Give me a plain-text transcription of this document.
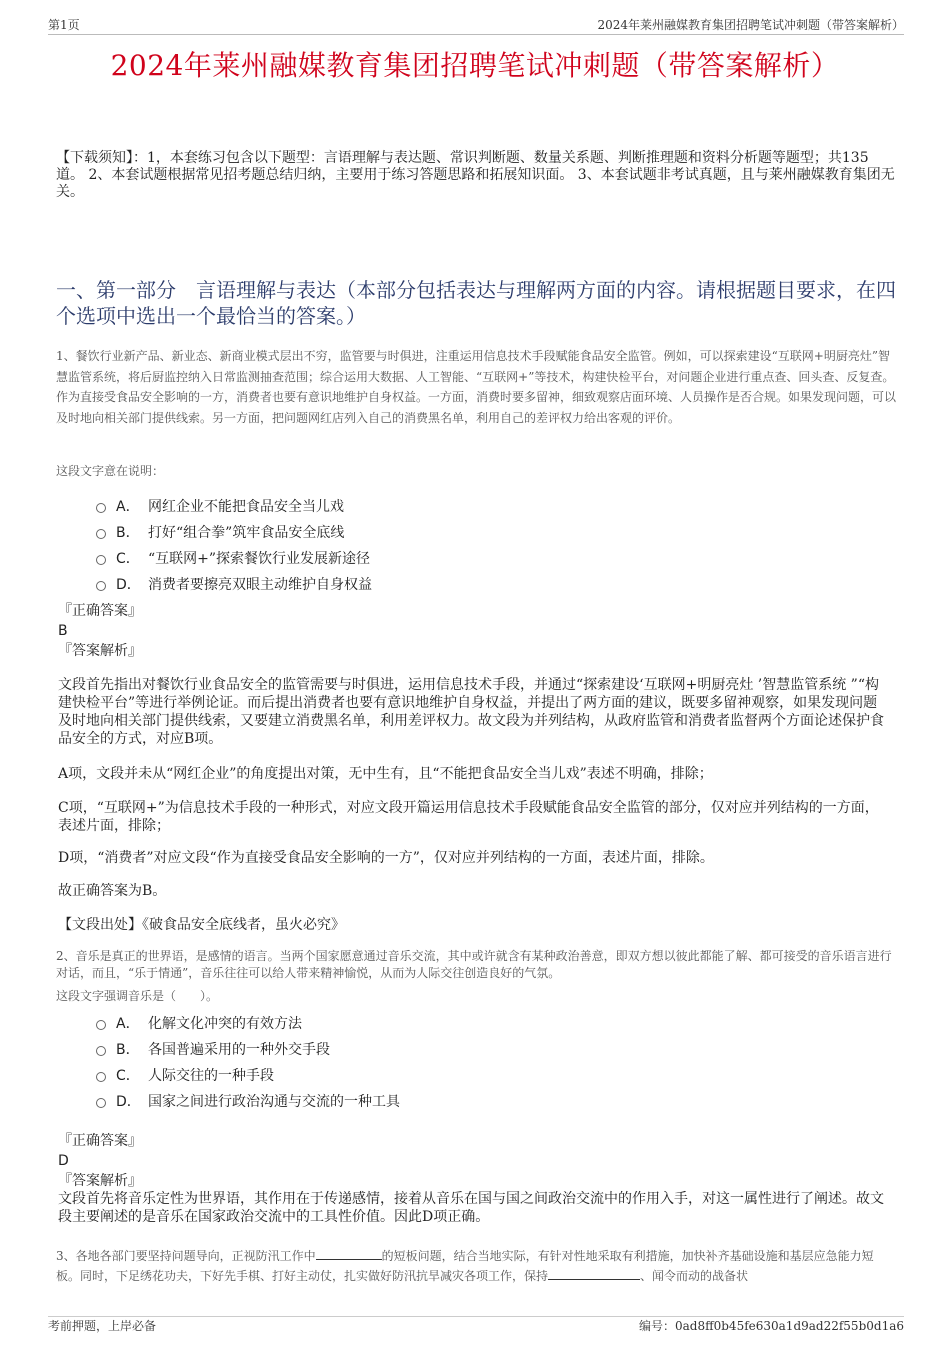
第1页	2024年莱州融媒教育集团招聘笔试冲刺题（带答案解析）
2024年莱州融媒教育集团招聘笔试冲刺题（带答案解析）
【下载须知】：1，本套练习包含以下题型：言语理解与表达题、常识判断题、数量关系题、判断推理题和资料分析题等题型；共135道。 2、本套试题根据常见招考题总结归纳，主要用于练习答题思路和拓展知识面。 3、本套试题非考试真题，且与莱州融媒教育集团无关。
一、第一部分　言语理解与表达（本部分包括表达与理解两方面的内容。请根据题目要求，在四个选项中选出一个最恰当的答案。）
1、餐饮行业新产品、新业态、新商业模式层出不穷，监管要与时俱进，注重运用信息技术手段赋能食品安全监管。例如，可以探索建设“互联网+明厨亮灶”智慧监管系统，将后厨监控纳入日常监测抽查范围；综合运用大数据、人工智能、“互联网+”等技术，构建快检平台，对问题企业进行重点查、回头查、反复查。作为直接受食品安全影响的一方，消费者也要有意识地维护自身权益。一方面，消费时要多留神，细致观察店面环境、人员操作是否合规。如果发现问题，可以及时地向相关部门提供线索。另一方面，把问题网红店列入自己的消费黑名单，利用自己的差评权力给出客观的评价。
这段文字意在说明：
A． 网红企业不能把食品安全当儿戏
B． 打好“组合拳”筑牢食品安全底线
C． “互联网+”探索餐饮行业发展新途径
D． 消费者要擦亮双眼主动维护自身权益
『正确答案』
B
『答案解析』
文段首先指出对餐饮行业食品安全的监管需要与时俱进，运用信息技术手段，并通过“探索建设‘互联网+明厨亮灶 ’智慧监管系统 ”“构建快检平台”等进行举例论证。而后提出消费者也要有意识地维护自身权益，并提出了两方面的建议，既要多留神观察，如果发现问题及时地向相关部门提供线索，又要建立消费黑名单，利用差评权力。故文段为并列结构，从政府监管和消费者监督两个方面论述保护食品安全的方式，对应B项。
A项，文段并未从“网红企业”的角度提出对策，无中生有，且“不能把食品安全当儿戏”表述不明确，排除；
C项，“互联网+”为信息技术手段的一种形式，对应文段开篇运用信息技术手段赋能食品安全监管的部分，仅对应并列结构的一方面，表述片面，排除；
D项，“消费者”对应文段“作为直接受食品安全影响的一方”，仅对应并列结构的一方面，表述片面，排除。
故正确答案为B。
【文段出处】《破食品安全底线者，虽火必究》
2、音乐是真正的世界语，是感情的语言。当两个国家愿意通过音乐交流，其中或许就含有某种政治善意，即双方想以彼此都能了解、都可接受的音乐语言进行对话，而且，“乐于情通”，音乐往往可以给人带来精神愉悦，从而为人际交往创造良好的气氛。
这段文字强调音乐是（　　）。
A． 化解文化冲突的有效方法
B． 各国普遍采用的一种外交手段
C． 人际交往的一种手段
D． 国家之间进行政治沟通与交流的一种工具
『正确答案』
D
『答案解析』
文段首先将音乐定性为世界语，其作用在于传递感情，接着从音乐在国与国之间政治交流中的作用入手，对这一属性进行了阐述。故文段主要阐述的是音乐在国家政治交流中的工具性价值。因此D项正确。
3、各地各部门要坚持问题导向，正视防汛工作中	的短板问题，结合当地实际，有针对性地采取有利措施，加快补齐基础设施和基层应急能力短板。同时，下足绣花功夫，下好先手棋、打好主动仗，扎实做好防汛抗旱减灾各项工作，保持	、闻令而动的战备状
考前押题，上岸必备	编号：0ad8ff0b45fe630a1d9ad22f55b0d1a6
